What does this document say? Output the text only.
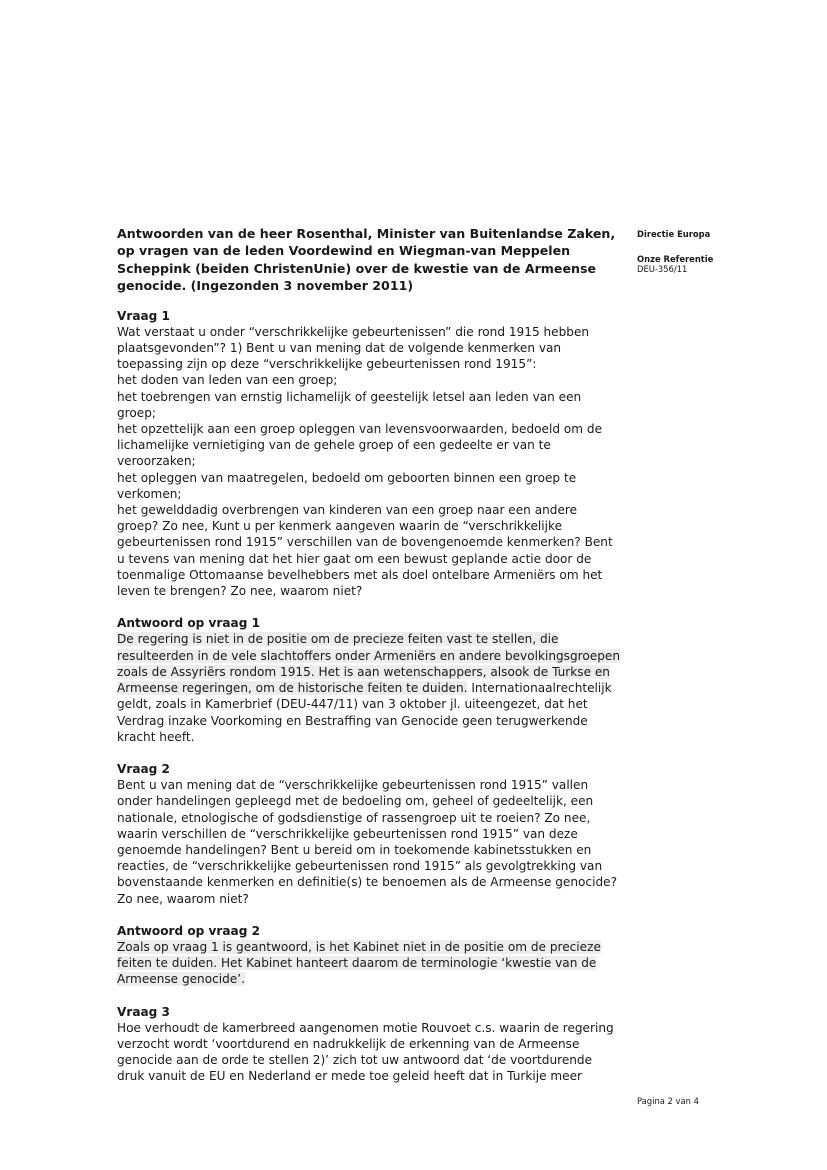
Antwoorden van de heer Rosenthal, Minister van Buitenlandse Zaken, op vragen van de leden Voordewind en Wiegman-van Meppelen Scheppink (beiden ChristenUnie) over de kwestie van de Armeense genocide. (Ingezonden 3 november 2011)

Vraag 1

Wat verstaat u onder “verschrikkelijke gebeurtenissen” die rond 1915 hebben plaatsgevonden”? 1) Bent u van mening dat de volgende kenmerken van toepassing zijn op deze “verschrikkelijke gebeurtenissen rond 1915”:
het doden van leden van een groep;
het toebrengen van ernstig lichamelijk of geestelijk letsel aan leden van een groep;
het opzettelijk aan een groep opleggen van levensvoorwaarden, bedoeld om de lichamelijke vernietiging van de gehele groep of een gedeelte er van te veroorzaken;
het opleggen van maatregelen, bedoeld om geboorten binnen een groep te verkomen;
het gewelddadig overbrengen van kinderen van een groep naar een andere groep? Zo nee, Kunt u per kenmerk aangeven waarin de “verschrikkelijke gebeurtenissen rond 1915” verschillen van de bovengenoemde kenmerken? Bent u tevens van mening dat het hier gaat om een bewust geplande actie door de toenmalige Ottomaanse bevelhebbers met als doel ontelbare Armeniërs om het leven te brengen? Zo nee, waarom niet?

Antwoord op vraag 1

De regering is niet in de positie om de precieze feiten vast te stellen, die resulteerden in de vele slachtoffers onder Armeniërs en andere bevolkingsgroepen zoals de Assyriërs rondom 1915. Het is aan wetenschappers, alsook de Turkse en Armeense regeringen, om de historische feiten te duiden. Internationaalrechtelijk geldt, zoals in Kamerbrief (DEU-447/11) van 3 oktober jl. uiteengezet, dat het Verdrag inzake Voorkoming en Bestraffing van Genocide geen terugwerkende kracht heeft.

Vraag 2

Bent u van mening dat de “verschrikkelijke gebeurtenissen rond 1915” vallen onder handelingen gepleegd met de bedoeling om, geheel of gedeeltelijk, een nationale, etnologische of godsdienstige of rassengroep uit te roeien? Zo nee, waarin verschillen de “verschrikkelijke gebeurtenissen rond 1915” van deze genoemde handelingen? Bent u bereid om in toekomende kabinetsstukken en reacties, de “verschrikkelijke gebeurtenissen rond 1915” als gevolgtrekking van bovenstaande kenmerken en definitie(s) te benoemen als de Armeense genocide? Zo nee, waarom niet?

Antwoord op vraag 2

Zoals op vraag 1 is geantwoord, is het Kabinet niet in de positie om de precieze feiten te duiden. Het Kabinet hanteert daarom de terminologie ‘kwestie van de Armeense genocide’.

Vraag 3

Hoe verhoudt de kamerbreed aangenomen motie Rouvoet c.s. waarin de regering verzocht wordt ‘voortdurend en nadrukkelijk de erkenning van de Armeense genocide aan de orde te stellen 2)’ zich tot uw antwoord dat ‘de voortdurende druk vanuit de EU en Nederland er mede toe geleid heeft dat in Turkije meer
Directie Europa
Onze Referentie
DEU-356/11
Pagina 2 van 4
